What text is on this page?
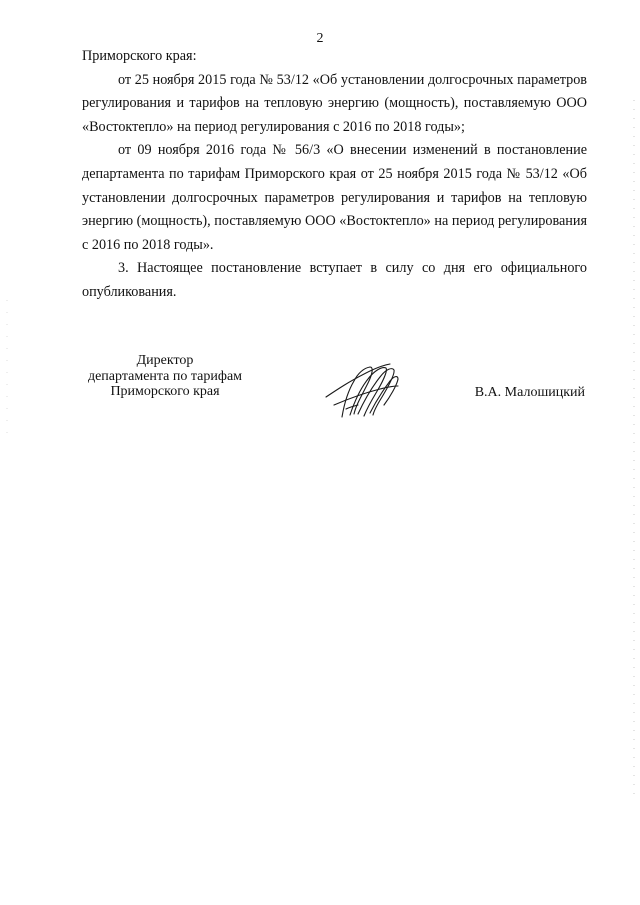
2

Приморского края:

от 25 ноября 2015 года № 53/12 «Об установлении долгосрочных параметров регулирования и тарифов на тепловую энергию (мощность), поставляемую ООО «Востоктепло» на период регулирования с 2016 по 2018 годы»;

от 09 ноября 2016 года № 56/3 «О внесении изменений в постановление департамента по тарифам Приморского края от 25 ноября 2015 года № 53/12 «Об установлении долгосрочных параметров регулирования и тарифов на тепловую энергию (мощность), поставляемую ООО «Востоктепло» на период регулирования с 2016 по 2018 годы».

3. Настоящее постановление вступает в силу со дня его официального опубликования.

Директор
департамента по тарифам
Приморского края	В.А. Малошицкий
